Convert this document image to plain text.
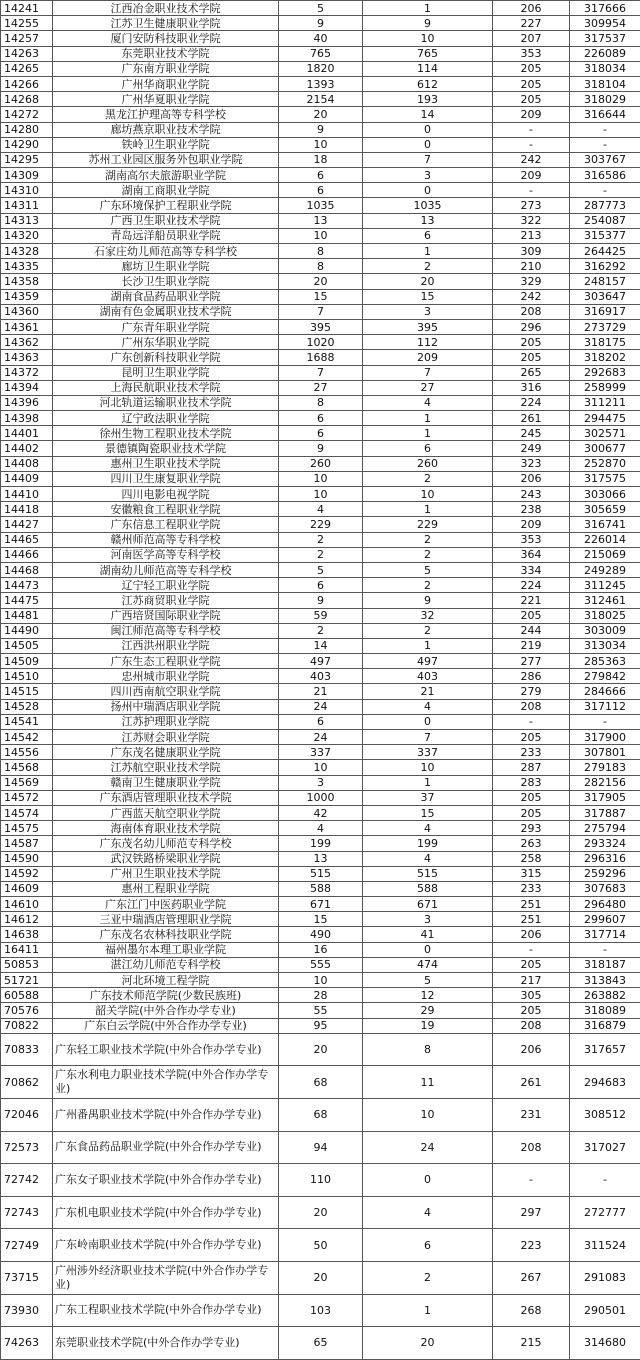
14241	江西冶金职业技术学院	5	1	206	317666
14255	江苏卫生健康职业学院	9	9	227	309954
14257	厦门安防科技职业学院	40	10	207	317537
14263	东莞职业技术学院	765	765	353	226089
14265	广东南方职业学院	1820	114	205	318034
14266	广州华商职业学院	1393	612	205	318104
14268	广州华夏职业学院	2154	193	205	318029
14272	黑龙江护理高等专科学校	20	14	209	316644
14280	廊坊燕京职业技术学院	9	0	-	-
14290	铁岭卫生职业学院	10	0	-	-
14295	苏州工业园区服务外包职业学院	18	7	242	303767
14309	湖南高尔夫旅游职业学院	6	3	209	316586
14310	湖南工商职业学院	6	0	-	-
14311	广东环境保护工程职业学院	1035	1035	273	287773
14313	广西卫生职业技术学院	13	13	322	254087
14320	青岛远洋船员职业学院	10	6	213	315377
14328	石家庄幼儿师范高等专科学校	8	1	309	264425
14335	廊坊卫生职业学院	8	2	210	316292
14358	长沙卫生职业学院	20	20	329	248157
14359	湖南食品药品职业学院	15	15	242	303647
14360	湖南有色金属职业技术学院	7	3	208	316917
14361	广东青年职业学院	395	395	296	273729
14362	广州东华职业学院	1020	112	205	318175
14363	广东创新科技职业学院	1688	209	205	318202
14372	昆明卫生职业学院	7	7	265	292683
14394	上海民航职业技术学院	27	27	316	258999
14396	河北轨道运输职业技术学院	8	4	224	311211
14398	辽宁政法职业学院	6	1	261	294475
14401	徐州生物工程职业技术学院	6	1	245	302571
14402	景德镇陶瓷职业技术学院	9	6	249	300677
14408	惠州卫生职业技术学院	260	260	323	252870
14409	四川卫生康复职业学院	10	2	206	317575
14410	四川电影电视学院	10	10	243	303066
14418	安徽粮食工程职业学院	4	1	238	305659
14427	广东信息工程职业学院	229	229	209	316741
14465	赣州师范高等专科学校	2	2	353	226014
14466	河南医学高等专科学校	2	2	364	215069
14468	湖南幼儿师范高等专科学校	5	5	334	249289
14473	辽宁轻工职业学院	6	2	224	311245
14475	江苏商贸职业学院	9	9	221	312461
14481	广西培贤国际职业学院	59	32	205	318025
14490	闽江师范高等专科学校	2	2	244	303009
14505	江西洪州职业学院	14	1	219	313034
14509	广东生态工程职业学院	497	497	277	285363
14510	忠州城市职业学院	403	403	286	279842
14515	四川西南航空职业学院	21	21	279	284666
14528	扬州中瑞酒店职业学院	24	4	208	317112
14541	江苏护理职业学院	6	0	-	-
14542	江苏财会职业学院	24	7	205	317900
14556	广东茂名健康职业学院	337	337	233	307801
14568	江苏航空职业技术学院	10	10	287	279183
14569	赣南卫生健康职业学院	3	1	283	282156
14572	广东酒店管理职业技术学院	1000	37	205	317905
14574	广西蓝天航空职业学院	42	15	205	317887
14575	海南体育职业技术学院	4	4	293	275794
14587	广东茂名幼儿师范专科学校	199	199	263	293324
14590	武汉铁路桥梁职业学院	13	4	258	296316
14592	广州卫生职业技术学院	515	515	315	259296
14609	惠州工程职业学院	588	588	233	307683
14610	广东江门中医药职业学院	671	671	251	296480
14612	三亚中瑞酒店管理职业学院	15	3	251	299607
14638	广东茂名农林科技职业学院	490	41	206	317714
16411	福州墨尔本理工职业学院	16	0	-	-
50853	湛江幼儿师范专科学校	555	474	205	318187
51721	河北环境工程学院	10	5	217	313843
60588	广东技术师范学院(少数民族班)	28	12	305	263882
70576	韶关学院(中外合作办学专业)	55	29	205	318089
70822	广东白云学院(中外合作办学专业)	95	19	208	316879
70833	广东轻工职业技术学院(中外合作办学专业)	20	8	206	317657
70862	广东水利电力职业技术学院(中外合作办学专业)	68	11	261	294683
72046	广州番禺职业技术学院(中外合作办学专业)	68	10	231	308512
72573	广东食品药品职业学院(中外合作办学专业)	94	24	208	317027
72742	广东女子职业技术学院(中外合作办学专业)	110	0	-	-
72743	广东机电职业技术学院(中外合作办学专业)	20	4	297	272777
72749	广东岭南职业技术学院(中外合作办学专业)	50	6	223	311524
73715	广州涉外经济职业技术学院(中外合作办学专业)	20	2	267	291083
73930	广东工程职业技术学院(中外合作办学专业)	103	1	268	290501
74263	东莞职业技术学院(中外合作办学专业)	65	20	215	314680
